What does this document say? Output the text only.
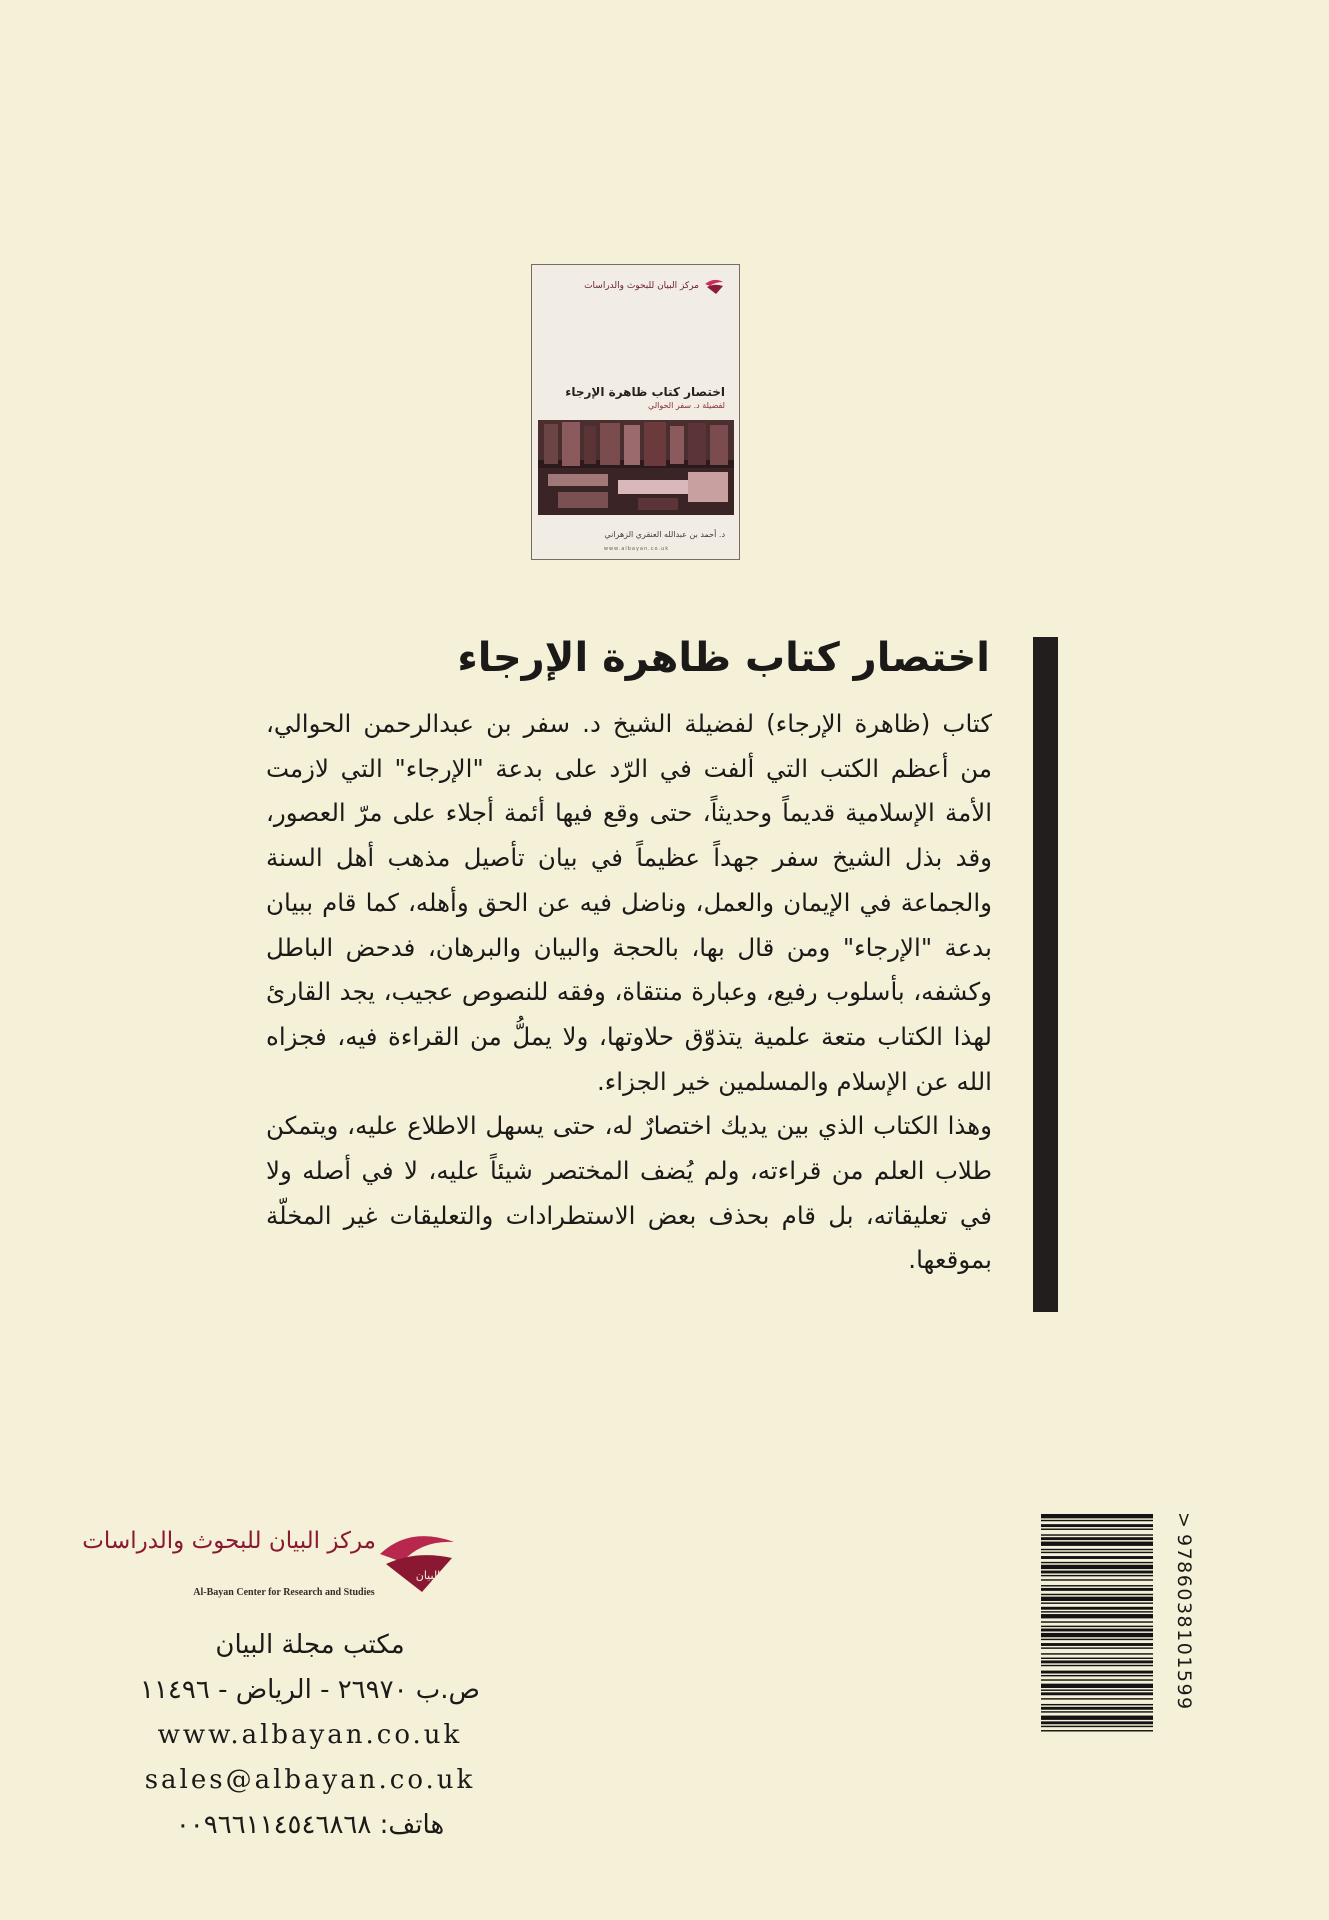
مركز البيان للبحوث والدراسات
اختصار كتاب ظاهرة الإرجاء
لفضيلة د. سفر الحوالي
د. أحمد بن عبدالله العنقري الزهراني
www.albayan.co.uk
اختصار كتاب ظاهرة الإرجاء

كتاب (ظاهرة الإرجاء) لفضيلة الشيخ د. سفر بن عبدالرحمن الحوالي، من أعظم الكتب التي ألفت في الرّد على بدعة "الإرجاء" التي لازمت الأمة الإسلامية قديماً وحديثاً، حتى وقع فيها أئمة أجلاء على مرّ العصور، وقد بذل الشيخ سفر جهداً عظيماً في بيان تأصيل مذهب أهل السنة والجماعة في الإيمان والعمل، وناضل فيه عن الحق وأهله، كما قام ببيان بدعة "الإرجاء" ومن قال بها، بالحجة والبيان والبرهان، فدحض الباطل وكشفه، بأسلوب رفيع، وعبارة منتقاة، وفقه للنصوص عجيب، يجد القارئ لهذا الكتاب متعة علمية يتذوّق حلاوتها، ولا يملُّ من القراءة فيه، فجزاه الله عن الإسلام والمسلمين خير الجزاء.

وهذا الكتاب الذي بين يديك اختصارٌ له، حتى يسهل الاطلاع عليه، ويتمكن طلاب العلم من قراءته، ولم يُضف المختصر شيئاً عليه، لا في أصله ولا في تعليقاته، بل قام بحذف بعض الاستطرادات والتعليقات غير المخلّة بموقعها.

البيان
مركز البيان للبحوث والدراسات
Al-Bayan Center for Research and Studies
مكتب مجلة البيان
ص.ب ٢٦٩٧٠ - الرياض - ١١٤٩٦
www.albayan.co.uk
sales@albayan.co.uk
هاتف: ٠٠٩٦٦١١٤٥٤٦٨٦٨
>
9786038101599
